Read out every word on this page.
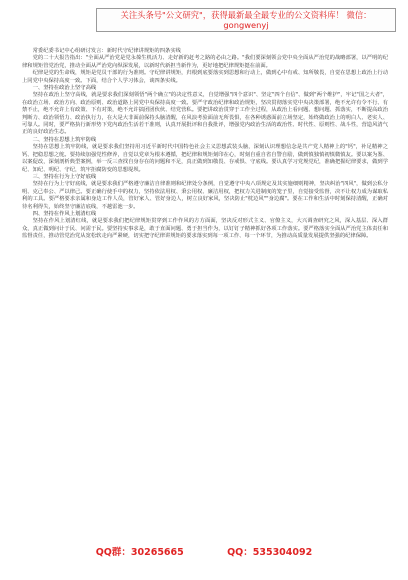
关注头条号"公文研究"，获得最新最全最专业的公文资料库！ 微信：gongwenyj

常委纪委书记中心组研讨发言：新时代守纪律讲规矩的四条实线

党的二十大报告指出："全面从严治党是党永葆生机活力、走好新的赶考之路的必由之路。"我们要深刻领会党中央全面从严治党的战略部署，以严明的纪律和规矩管党治党，推动全面从严治党向纵深发展，以新时代新担当新作为，更好地把纪律规矩挺在前面。

纪律是党的生命线，规矩是党员干部的行为准则。守纪律讲规矩，归根到底要落实到思想和行动上，做到心中有戒、知所敬畏，自觉在思想上政治上行动上同党中央保持高度一致。下面，结合个人学习体会，谈四条实线。

一、坚持在政治上坚守高线

坚持在政治上坚守高线，就是要求我们深刻领悟"两个确立"的决定性意义，自觉增强"四个意识"、坚定"四个自信"、做到"两个维护"，牢记"国之大者"，在政治立场、政治方向、政治原则、政治道路上同党中央保持高度一致。要严守政治纪律和政治规矩，坚决贯彻落实党中央决策部署，绝不允许有令不行、有禁不止，绝不允许上有政策、下有对策，绝不允许搞团团伙伙、结党营私。要把讲政治贯穿于工作全过程，从政治上看问题、想问题、抓落实，不断提高政治判断力、政治领悟力、政治执行力，在大是大非面前保持头脑清醒，在风浪考验面前无所畏惧，在各种诱惑面前立场坚定，始终做政治上的明白人、老实人、可靠人。同时，要严格执行新形势下党内政治生活若干准则，认真开展批评和自我批评，增强党内政治生活的政治性、时代性、原则性、战斗性，营造风清气正的良好政治生态。

二、坚持在思想上筑牢防线

坚持在思想上筑牢防线，就是要求我们坚持用习近平新时代中国特色社会主义思想武装头脑，深刻认识理想信念是共产党人精神上的"钙"，补足精神之钙、把稳思想之舵。要持续加强党性修养，自觉以党章为根本遵循，把纪律和规矩刻印在心，时刻自重自省自警自励，做到慎独慎初慎微慎友。要以案为鉴、以案促改，深刻剖析典型案例，举一反三查找自身存在的问题和不足，真正做到知敬畏、存戒惧、守底线。要认真学习党规党纪，准确把握纪律要求，做到学纪、知纪、明纪、守纪，筑牢拒腐防变的思想堤坝。

三、坚持在行为上守好底线

坚持在行为上守好底线，就是要求我们严格遵守廉洁自律准则和纪律处分条例，自觉遵守中央八项规定及其实施细则精神，坚决纠治"四风"，做到公私分明、克己奉公、严以律己。要正确行使手中的权力，坚持依法用权、秉公用权、廉洁用权，把权力关进制度的笼子里，自觉接受监督，决不让权力成为谋取私利的工具。要严格要求亲属和身边工作人员，管好家人、管好身边人，树立良好家风，坚决防止"枕边风""身边腐"。要在工作和生活中时刻保持清醒，正确对待名利得失，始终坚守廉洁底线，不越雷池一步。

四、坚持在作风上划清红线

坚持在作风上划清红线，就是要求我们把纪律规矩贯穿到工作作风的方方面面，坚决反对形式主义、官僚主义，大兴调查研究之风，深入基层、深入群众，真正做到问计于民、问需于民。要坚持实事求是，敢于直面问题、勇于担当作为，以钉钉子精神抓好各项工作落实。要严格落实全面从严治党主体责任和监督责任，推动管党治党从宽松软走向严紧硬，切实把守纪律讲规矩的要求落实到每一项工作、每一个环节，为推动高质量发展提供坚强的纪律保障。

QQ群：30265665	QQ：535304092
